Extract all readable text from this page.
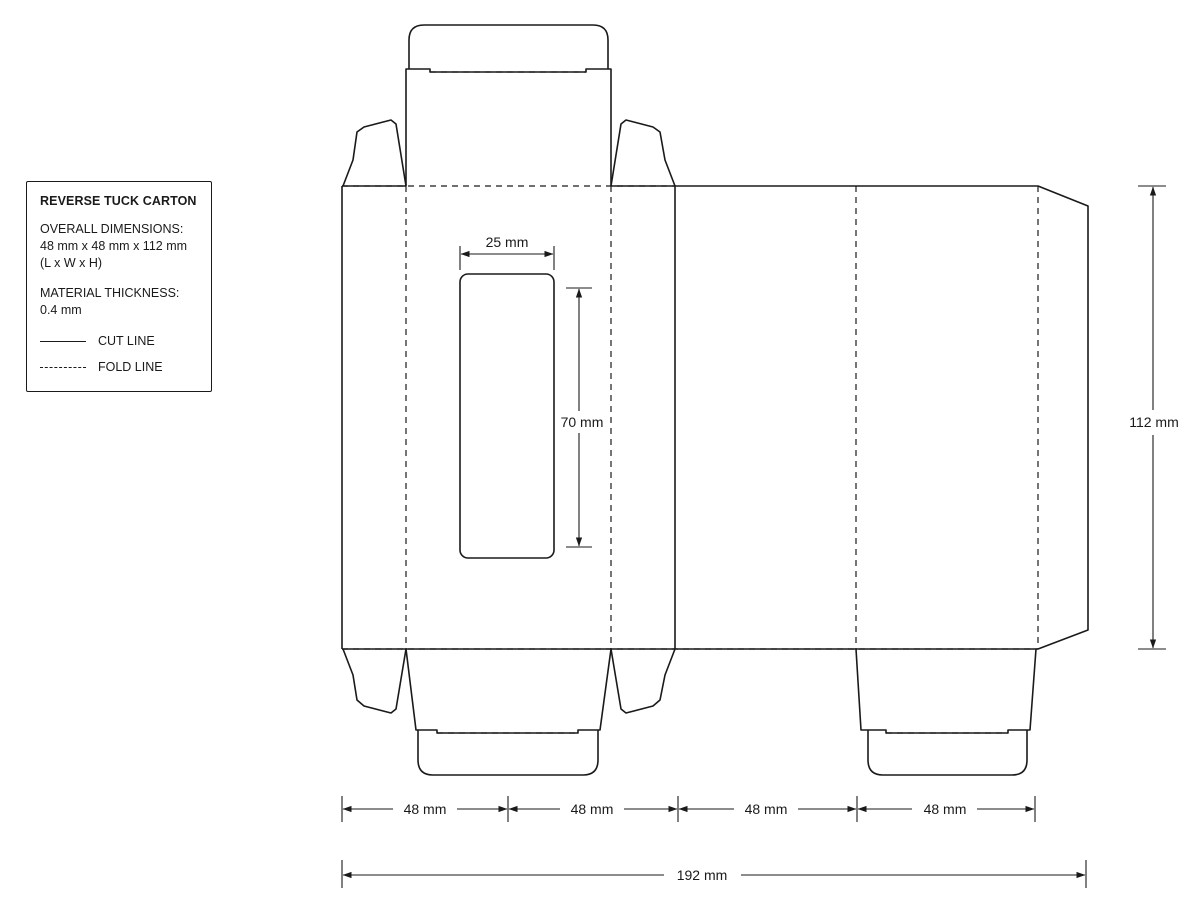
REVERSE TUCK CARTON
OVERALL DIMENSIONS:
48 mm x 48 mm x 112 mm
(L x W x H)
MATERIAL THICKNESS:
0.4 mm
CUT LINE
FOLD LINE
25 mm
70 mm	112 mm
48 mm	48 mm	48 mm	48 mm
192 mm
